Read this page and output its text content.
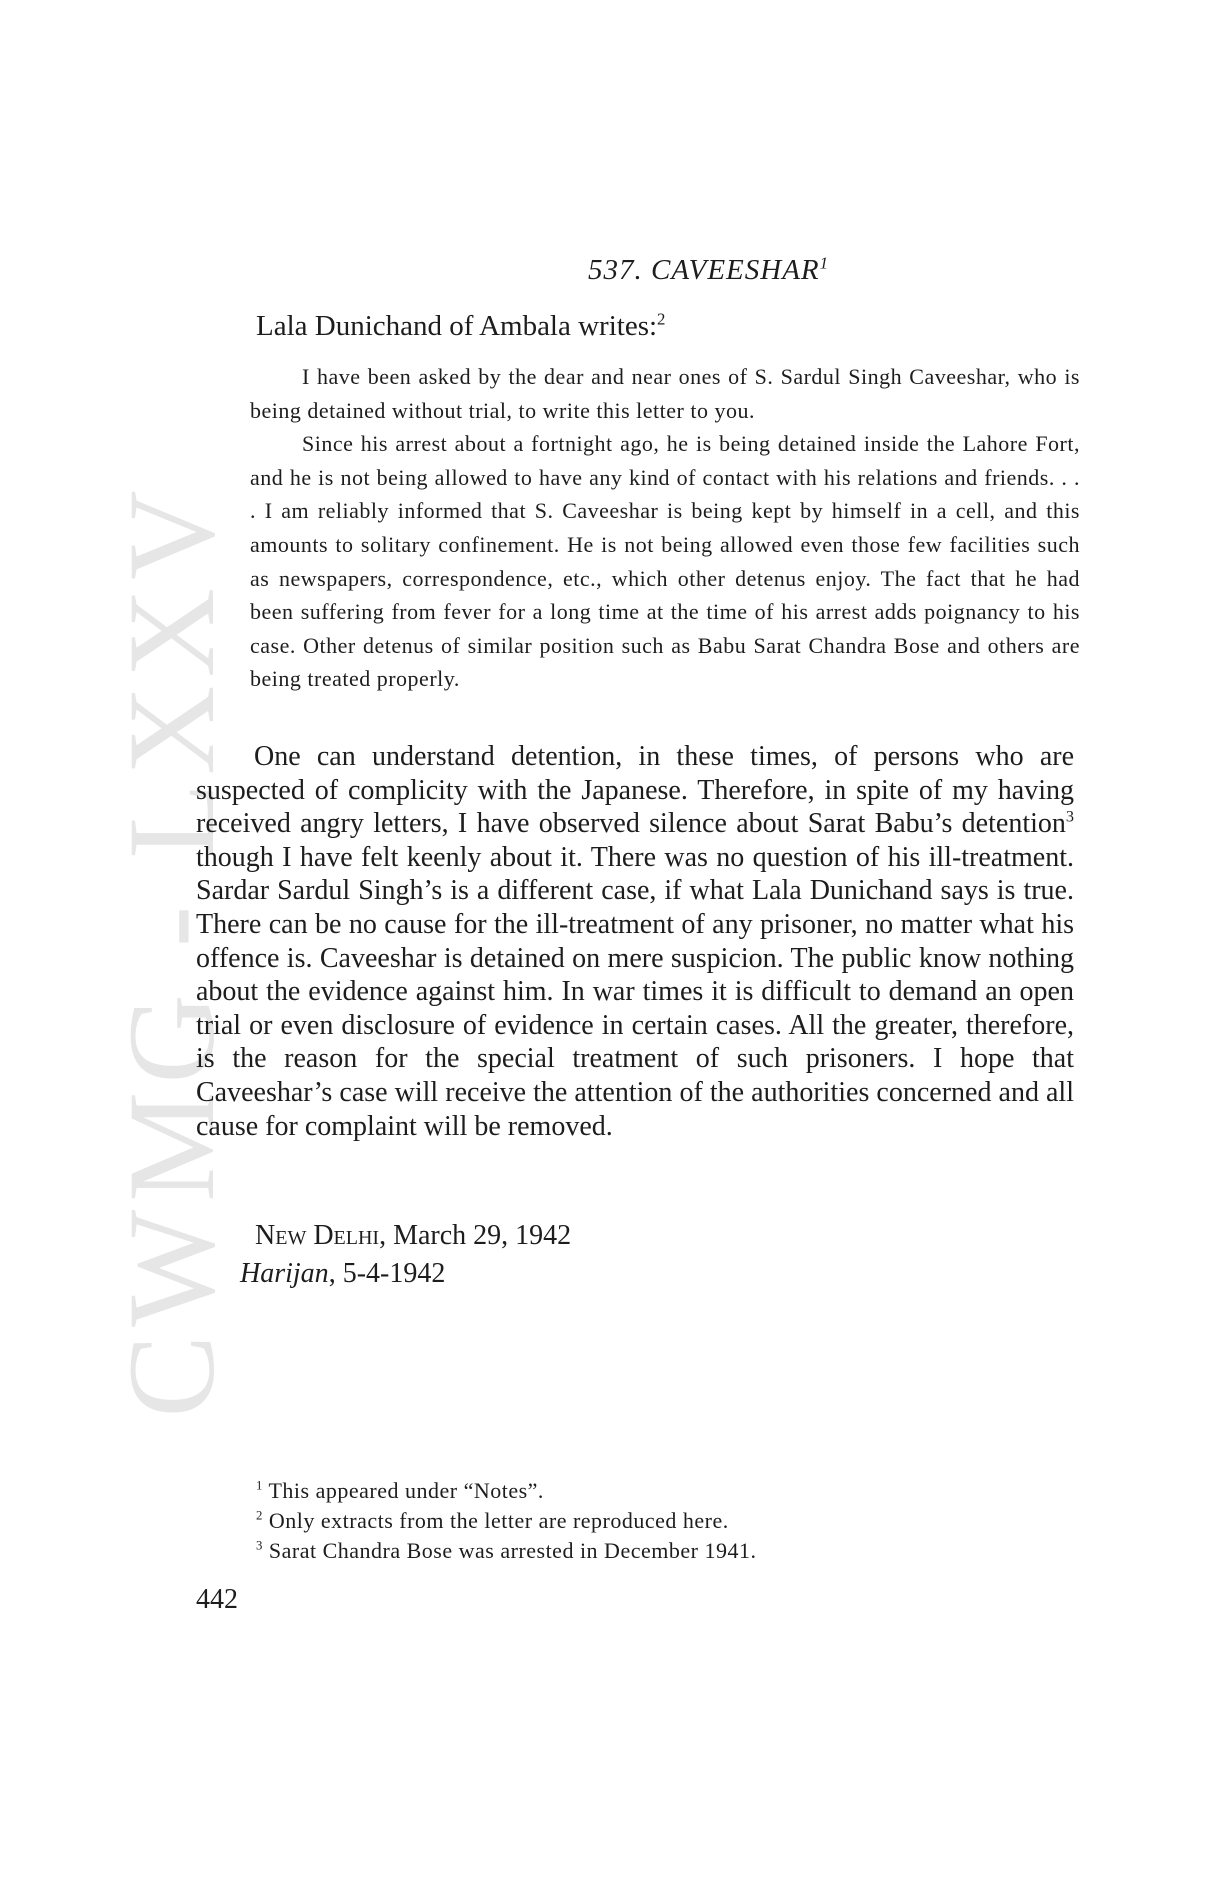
CWMG - LXXV
537. CAVEESHAR$^1$
Lala Dunichand of Ambala writes:$^2$

I have been asked by the dear and near ones of S. Sardul Singh Caveeshar, who is being detained without trial, to write this letter to you.

Since his arrest about a fortnight ago, he is being detained inside the Lahore Fort, and he is not being allowed to have any kind of contact with his relations and friends. . . . I am reliably informed that S. Caveeshar is being kept by himself in a cell, and this amounts to solitary confinement. He is not being allowed even those few facilities such as newspapers, correspondence, etc., which other detenus enjoy. The fact that he had been suffering from fever for a long time at the time of his arrest adds poignancy to his case. Other detenus of similar position such as Babu Sarat Chandra Bose and others are being treated properly.

One can understand detention, in these times, of persons who are suspected of complicity with the Japanese. Therefore, in spite of my having received angry letters, I have observed silence about Sarat Babu’s detention$^3$ though I have felt keenly about it. There was no question of his ill-treatment. Sardar Sardul Singh’s is a different case, if what Lala Dunichand says is true. There can be no cause for the ill-treatment of any prisoner, no matter what his offence is. Caveeshar is detained on mere suspicion. The public know nothing about the evidence against him. In war times it is difficult to demand an open trial or even disclosure of evidence in certain cases. All the greater, therefore, is the reason for the special treatment of such prisoners. I hope that Caveeshar’s case will receive the attention of the authorities concerned and all cause for complaint will be removed.

New Delhi, March 29, 1942
Harijan, 5-4-1942
$^1$ This appeared under “Notes”.
$^2$ Only extracts from the letter are reproduced here.
$^3$ Sarat Chandra Bose was arrested in December 1941.
442
